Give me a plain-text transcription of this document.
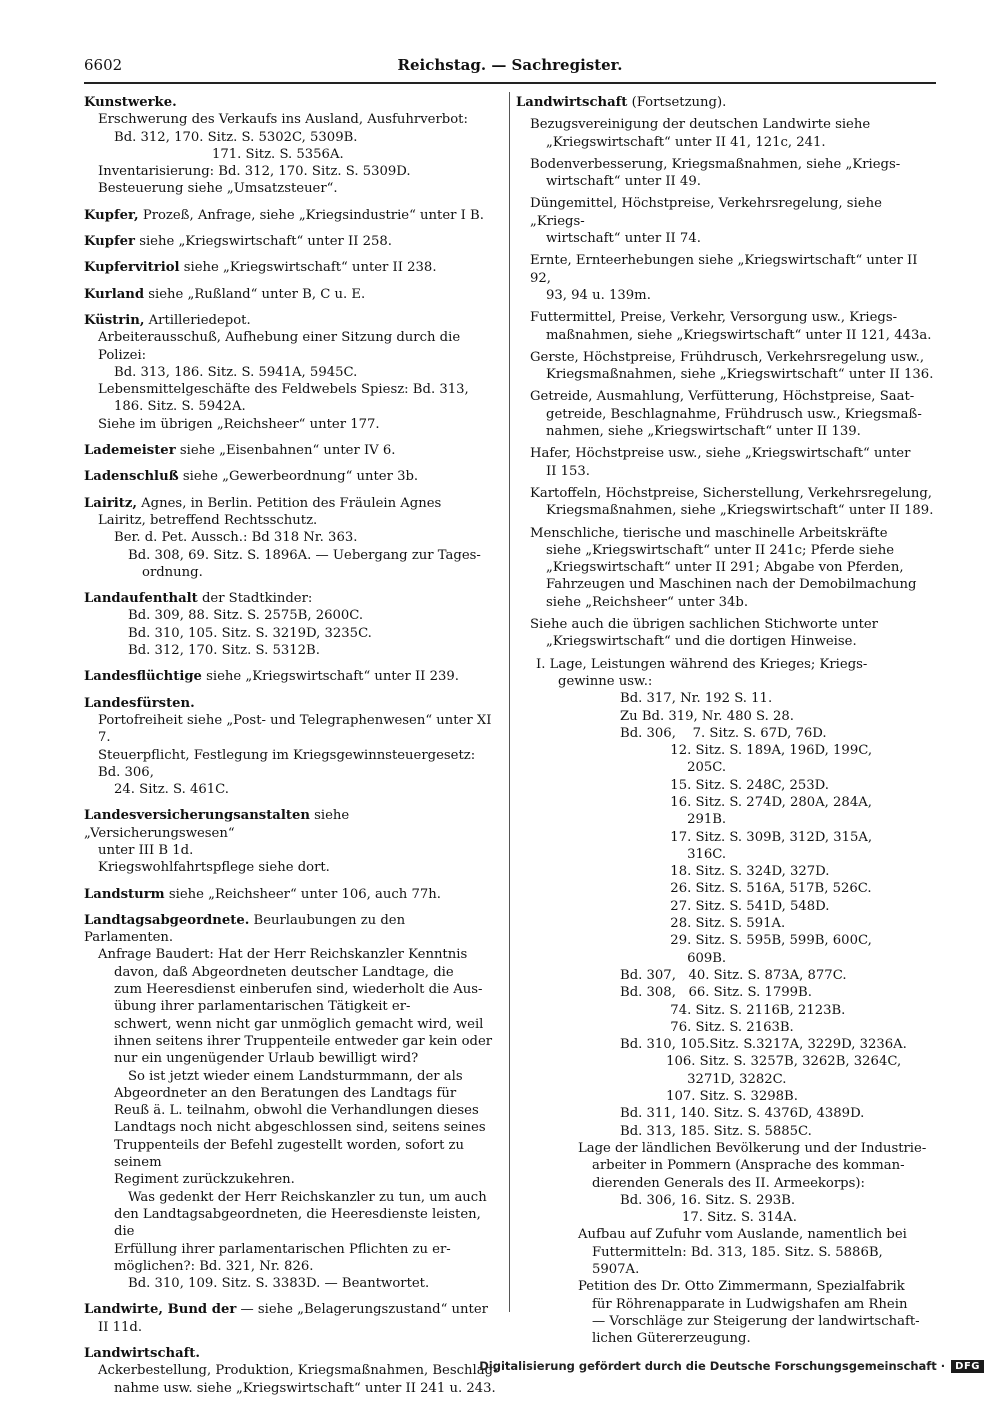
6602	Reichstag. — Sachregister.
Kunstwerke.
Erschwerung des Verkaufs ins Ausland, Ausfuhrverbot:
Bd. 312, 170. Sitz. S. 5302C, 5309B.
171. Sitz. S. 5356A.
Inventarisierung: Bd. 312, 170. Sitz. S. 5309D.
Besteuerung siehe „Umsatzsteuer“.
Kupfer, Prozeß, Anfrage, siehe „Kriegsindustrie“ unter I B.
Kupfer siehe „Kriegswirtschaft“ unter II 258.
Kupfervitriol siehe „Kriegswirtschaft“ unter II 238.
Kurland siehe „Rußland“ unter B, C u. E.
Küstrin, Artilleriedepot.
Arbeiterausschuß, Aufhebung einer Sitzung durch die Polizei:
Bd. 313, 186. Sitz. S. 5941A, 5945C.
Lebensmittelgeschäfte des Feldwebels Spiesz: Bd. 313,
186. Sitz. S. 5942A.
Siehe im übrigen „Reichsheer“ unter 177.
Lademeister siehe „Eisenbahnen“ unter IV 6.
Ladenschluß siehe „Gewerbeordnung“ unter 3b.
Lairitz, Agnes, in Berlin. Petition des Fräulein Agnes
Lairitz, betreffend Rechtsschutz.
Ber. d. Pet. Aussch.: Bd 318 Nr. 363.
Bd. 308, 69. Sitz. S. 1896A. — Uebergang zur Tages-
ordnung.
Landaufenthalt der Stadtkinder:
Bd. 309, 88. Sitz. S. 2575B, 2600C.
Bd. 310, 105. Sitz. S. 3219D, 3235C.
Bd. 312, 170. Sitz. S. 5312B.
Landesflüchtige siehe „Kriegswirtschaft“ unter II 239.
Landesfürsten.
Portofreiheit siehe „Post- und Telegraphenwesen“ unter XI 7.
Steuerpflicht, Festlegung im Kriegsgewinnsteuergesetz: Bd. 306,
24. Sitz. S. 461C.
Landesversicherungsanstalten siehe „Versicherungswesen“
unter III B 1d.
Kriegswohlfahrtspflege siehe dort.
Landsturm siehe „Reichsheer“ unter 106, auch 77h.
Landtagsabgeordnete. Beurlaubungen zu den Parlamenten.
Anfrage Baudert: Hat der Herr Reichskanzler Kenntnis
davon, daß Abgeordneten deutscher Landtage, die
zum Heeresdienst einberufen sind, wiederholt die Aus-
übung ihrer parlamentarischen Tätigkeit er-
schwert, wenn nicht gar unmöglich gemacht wird, weil
ihnen seitens ihrer Truppenteile entweder gar kein oder
nur ein ungenügender Urlaub bewilligt wird?
So ist jetzt wieder einem Landsturmmann, der als
Abgeordneter an den Beratungen des Landtags für
Reuß ä. L. teilnahm, obwohl die Verhandlungen dieses
Landtags noch nicht abgeschlossen sind, seitens seines
Truppenteils der Befehl zugestellt worden, sofort zu seinem
Regiment zurückzukehren.
Was gedenkt der Herr Reichskanzler zu tun, um auch
den Landtagsabgeordneten, die Heeresdienste leisten, die
Erfüllung ihrer parlamentarischen Pflichten zu er-
möglichen?: Bd. 321, Nr. 826.
Bd. 310, 109. Sitz. S. 3383D. — Beantwortet.
Landwirte, Bund der — siehe „Belagerungszustand“ unter
II 11d.
Landwirtschaft.
Ackerbestellung, Produktion, Kriegsmaßnahmen, Beschlag-
nahme usw. siehe „Kriegswirtschaft“ unter II 241 u. 243.
Landwirtschaft (Fortsetzung).
Bezugsvereinigung der deutschen Landwirte siehe
„Kriegswirtschaft“ unter II 41, 121c, 241.
Bodenverbesserung, Kriegsmaßnahmen, siehe „Kriegs-
wirtschaft“ unter II 49.
Düngemittel, Höchstpreise, Verkehrsregelung, siehe „Kriegs-
wirtschaft“ unter II 74.
Ernte, Ernteerhebungen siehe „Kriegswirtschaft“ unter II 92,
93, 94 u. 139m.
Futtermittel, Preise, Verkehr, Versorgung usw., Kriegs-
maßnahmen, siehe „Kriegswirtschaft“ unter II 121, 443a.
Gerste, Höchstpreise, Frühdrusch, Verkehrsregelung usw.,
Kriegsmaßnahmen, siehe „Kriegswirtschaft“ unter II 136.
Getreide, Ausmahlung, Verfütterung, Höchstpreise, Saat-
getreide, Beschlagnahme, Frühdrusch usw., Kriegsmaß-
nahmen, siehe „Kriegswirtschaft“ unter II 139.
Hafer, Höchstpreise usw., siehe „Kriegswirtschaft“ unter
II 153.
Kartoffeln, Höchstpreise, Sicherstellung, Verkehrsregelung,
Kriegsmaßnahmen, siehe „Kriegswirtschaft“ unter II 189.
Menschliche, tierische und maschinelle Arbeitskräfte
siehe „Kriegswirtschaft“ unter II 241c; Pferde siehe
„Kriegswirtschaft“ unter II 291; Abgabe von Pferden,
Fahrzeugen und Maschinen nach der Demobilmachung
siehe „Reichsheer“ unter 34b.
Siehe auch die übrigen sachlichen Stichworte unter
„Kriegswirtschaft“ und die dortigen Hinweise.
I. Lage, Leistungen während des Krieges; Kriegs-
gewinne usw.:
Bd. 317, Nr. 192 S. 11.
Zu Bd. 319, Nr. 480 S. 28.
Bd. 306,    7. Sitz. S. 67D, 76D.
12. Sitz. S. 189A, 196D, 199C,
205C.
15. Sitz. S. 248C, 253D.
16. Sitz. S. 274D, 280A, 284A,
291B.
17. Sitz. S. 309B, 312D, 315A,
316C.
18. Sitz. S. 324D, 327D.
26. Sitz. S. 516A, 517B, 526C.
27. Sitz. S. 541D, 548D.
28. Sitz. S. 591A.
29. Sitz. S. 595B, 599B, 600C,
609B.
Bd. 307,   40. Sitz. S. 873A, 877C.
Bd. 308,   66. Sitz. S. 1799B.
74. Sitz. S. 2116B, 2123B.
76. Sitz. S. 2163B.
Bd. 310, 105.Sitz. S.3217A, 3229D, 3236A.
106. Sitz. S. 3257B, 3262B, 3264C,
3271D, 3282C.
107. Sitz. S. 3298B.
Bd. 311, 140. Sitz. S. 4376D, 4389D.
Bd. 313, 185. Sitz. S. 5885C.
Lage der ländlichen Bevölkerung und der Industrie-
arbeiter in Pommern (Ansprache des komman-
dierenden Generals des II. Armeekorps):
Bd. 306, 16. Sitz. S. 293B.
17. Sitz. S. 314A.
Aufbau auf Zufuhr vom Auslande, namentlich bei
Futtermitteln: Bd. 313, 185. Sitz. S. 5886B,
5907A.
Petition des Dr. Otto Zimmermann, Spezialfabrik
für Röhrenapparate in Ludwigshafen am Rhein
— Vorschläge zur Steigerung der landwirtschaft-
lichen Gütererzeugung.
Digitalisierung gefördert durch die Deutsche Forschungsgemeinschaft ·	DFG
